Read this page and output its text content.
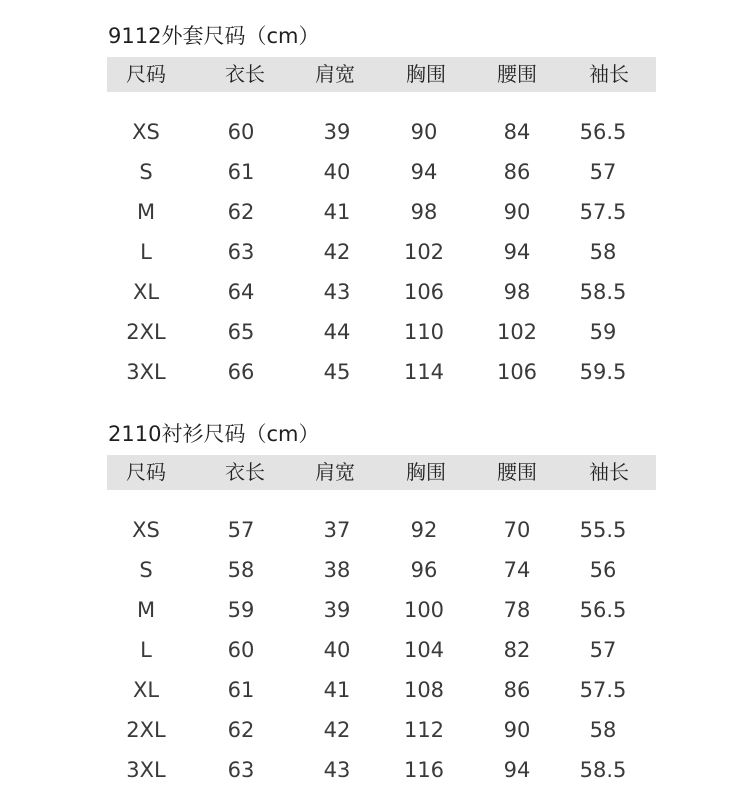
9112外套尺码（cm）
尺码	衣长	肩宽	胸围	腰围	袖长
XS	60	39	90	84	56.5
S	61	40	94	86	57
M	62	41	98	90	57.5
L	63	42	102	94	58
XL	64	43	106	98	58.5
2XL	65	44	110	102	59
3XL	66	45	114	106	59.5
2110衬衫尺码（cm）
尺码	衣长	肩宽	胸围	腰围	袖长
XS	57	37	92	70	55.5
S	58	38	96	74	56
M	59	39	100	78	56.5
L	60	40	104	82	57
XL	61	41	108	86	57.5
2XL	62	42	112	90	58
3XL	63	43	116	94	58.5
